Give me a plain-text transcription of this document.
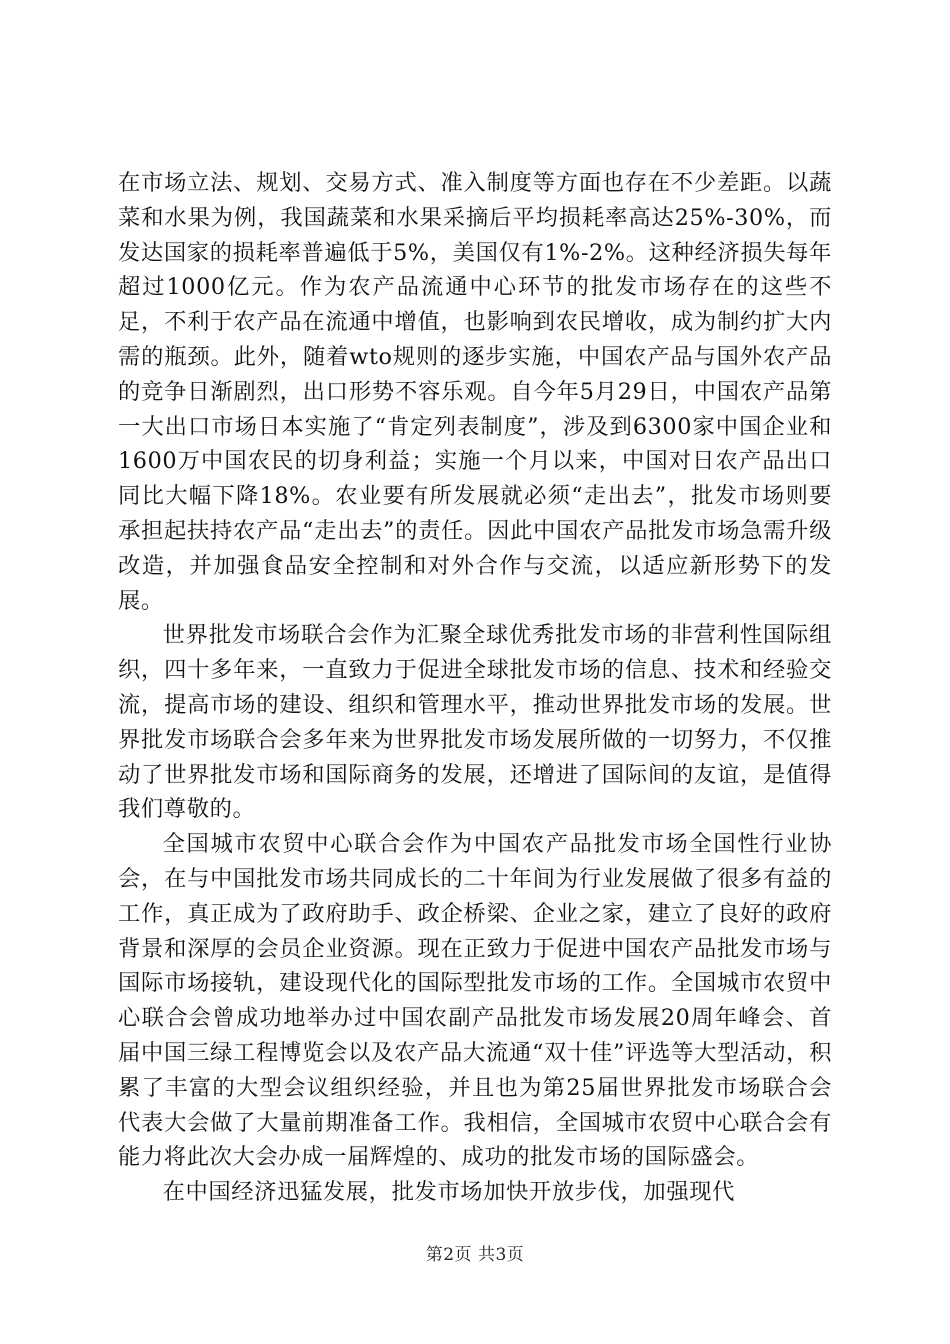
在市场立法、规划、交易方式、准入制度等方面也存在不少差距。以蔬菜和水果为例，我国蔬菜和水果采摘后平均损耗率高达25%-30%，而发达国家的损耗率普遍低于5%，美国仅有1%-2%。这种经济损失每年超过1000亿元。作为农产品流通中心环节的批发市场存在的这些不足，不利于农产品在流通中增值，也影响到农民增收，成为制约扩大内需的瓶颈。此外，随着wto规则的逐步实施，中国农产品与国外农产品的竞争日渐剧烈，出口形势不容乐观。自今年5月29日，中国农产品第一大出口市场日本实施了“肯定列表制度”，涉及到6300家中国企业和1600万中国农民的切身利益；实施一个月以来，中国对日农产品出口同比大幅下降18%。农业要有所发展就必须“走出去”，批发市场则要承担起扶持农产品“走出去”的责任。因此中国农产品批发市场急需升级改造，并加强食品安全控制和对外合作与交流，以适应新形势下的发展。

世界批发市场联合会作为汇聚全球优秀批发市场的非营利性国际组织，四十多年来，一直致力于促进全球批发市场的信息、技术和经验交流，提高市场的建设、组织和管理水平，推动世界批发市场的发展。世界批发市场联合会多年来为世界批发市场发展所做的一切努力，不仅推动了世界批发市场和国际商务的发展，还增进了国际间的友谊，是值得我们尊敬的。

全国城市农贸中心联合会作为中国农产品批发市场全国性行业协会，在与中国批发市场共同成长的二十年间为行业发展做了很多有益的工作，真正成为了政府助手、政企桥梁、企业之家，建立了良好的政府背景和深厚的会员企业资源。现在正致力于促进中国农产品批发市场与国际市场接轨，建设现代化的国际型批发市场的工作。全国城市农贸中心联合会曾成功地举办过中国农副产品批发市场发展20周年峰会、首届中国三绿工程博览会以及农产品大流通“双十佳”评选等大型活动，积累了丰富的大型会议组织经验，并且也为第25届世界批发市场联合会代表大会做了大量前期准备工作。我相信，全国城市农贸中心联合会有能力将此次大会办成一届辉煌的、成功的批发市场的国际盛会。

在中国经济迅猛发展，批发市场加快开放步伐，加强现代

第2页 共3页
